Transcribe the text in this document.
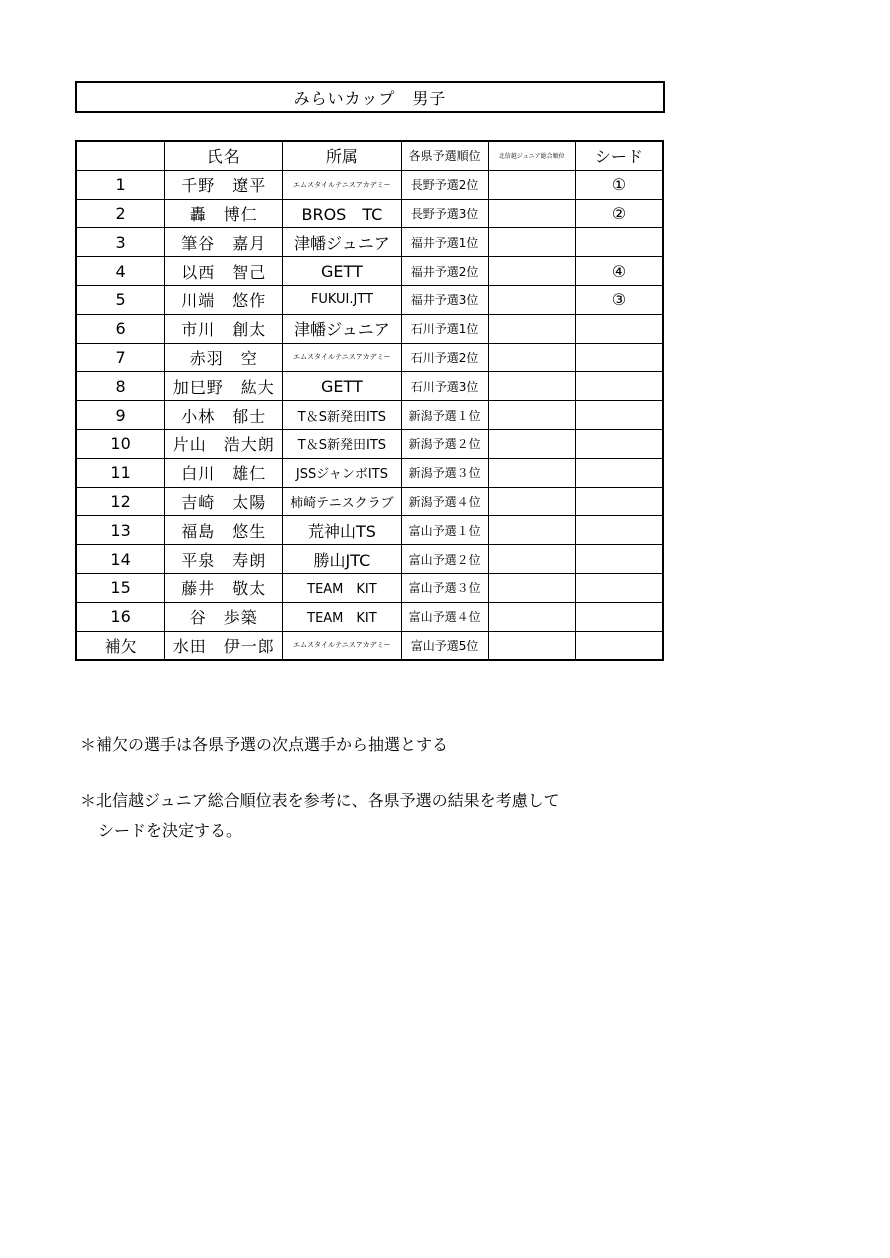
みらいカップ　男子
	氏名	所属	各県予選順位	北信越ジュニア総合順位	シード
1	千野　遼平	エムスタイルテニスアカデミー	長野予選2位		①
2	轟　博仁	BROS　TC	長野予選3位		②
3	筆谷　嘉月	津幡ジュニア	福井予選1位		
4	以西　智己	GETT	福井予選2位		④
5	川端　悠作	FUKUI.JTT	福井予選3位		③
6	市川　創太	津幡ジュニア	石川予選1位		
7	赤羽　空	エムスタイルテニスアカデミー	石川予選2位		
8	加巳野　紘大	GETT	石川予選3位		
9	小林　郁士	T＆S新発田ITS	新潟予選１位		
10	片山　浩大朗	T＆S新発田ITS	新潟予選２位		
11	白川　雄仁	JSSジャンボITS	新潟予選３位		
12	吉崎　太陽	柿崎テニスクラブ	新潟予選４位		
13	福島　悠生	荒神山TS	富山予選１位		
14	平泉　寿朗	勝山JTC	富山予選２位		
15	藤井　敬太	TEAM　KIT	富山予選３位		
16	谷　歩築	TEAM　KIT	富山予選４位		
補欠	水田　伊一郎	エムスタイルテニスアカデミー	富山予選5位		
＊補欠の選手は各県予選の次点選手から抽選とする
＊北信越ジュニア総合順位表を参考に、各県予選の結果を考慮して
シードを決定する。
